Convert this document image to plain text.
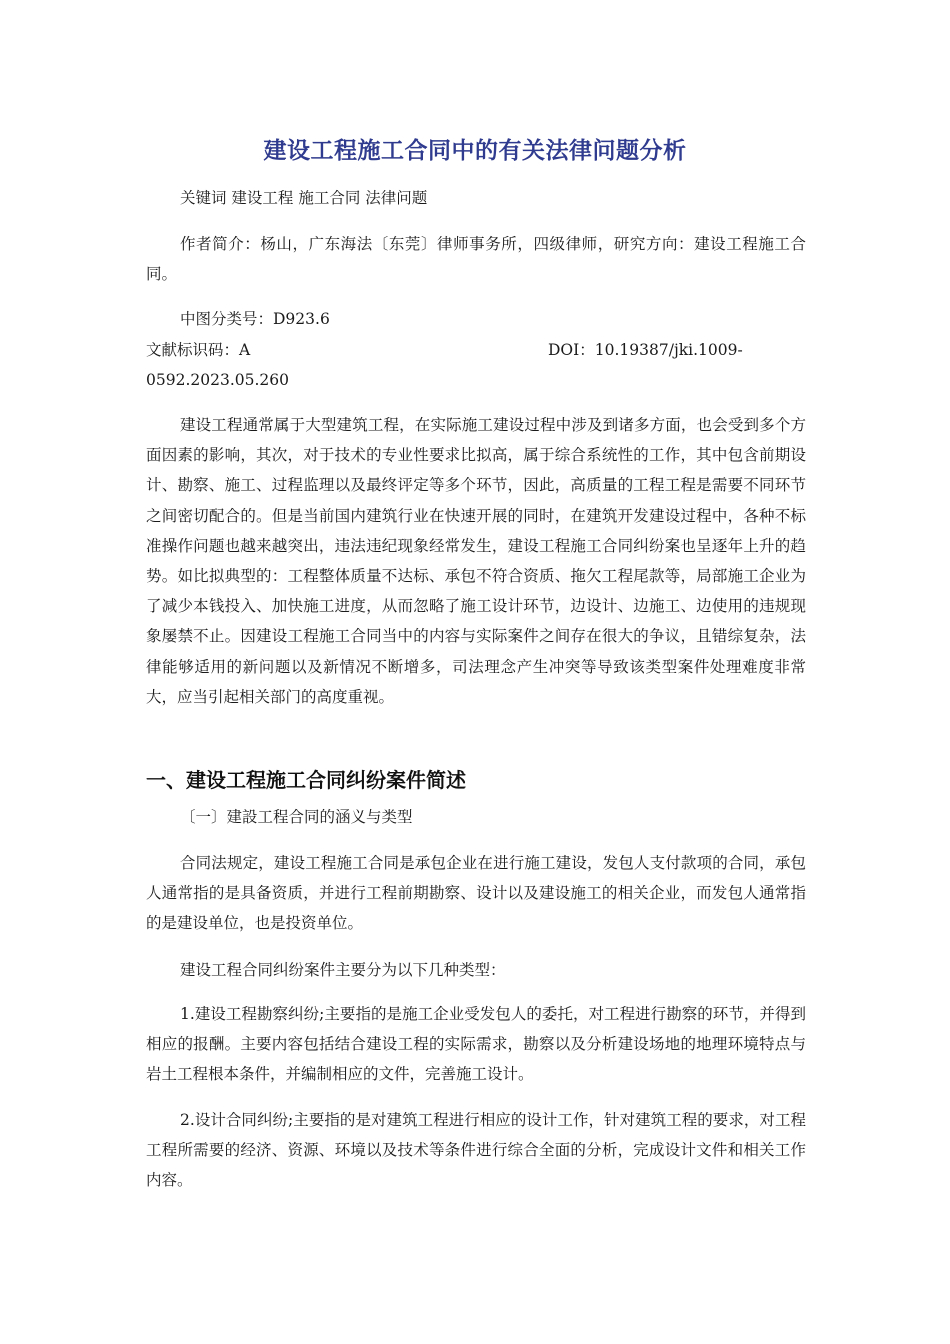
建设工程施工合同中的有关法律问题分析
关键词 建设工程 施工合同 法律问题

作者简介：杨山，广东海法〔东莞〕律师事务所，四级律师，研究方向：建设工程施工合同。

中图分类号：D923.6
文献标识码：A	DOI：10.19387/jki.1009-
0592.2023.05.260

建设工程通常属于大型建筑工程，在实际施工建设过程中涉及到诸多方面，也会受到多个方面因素的影响，其次，对于技术的专业性要求比拟高，属于综合系统性的工作，其中包含前期设计、勘察、施工、过程监理以及最终评定等多个环节，因此，高质量的工程工程是需要不同环节之间密切配合的。但是当前国内建筑行业在快速开展的同时，在建筑开发建设过程中，各种不标准操作问题也越来越突出，违法违纪现象经常发生，建设工程施工合同纠纷案也呈逐年上升的趋势。如比拟典型的：工程整体质量不达标、承包不符合资质、拖欠工程尾款等，局部施工企业为了减少本钱投入、加快施工进度，从而忽略了施工设计环节，边设计、边施工、边使用的违规现象屡禁不止。因建设工程施工合同当中的内容与实际案件之间存在很大的争议，且错综复杂，法律能够适用的新问题以及新情况不断增多，司法理念产生冲突等导致该类型案件处理难度非常大，应当引起相关部门的高度重视。

一、建设工程施工合同纠纷案件简述
〔一〕建設工程合同的涵义与类型

合同法规定，建设工程施工合同是承包企业在进行施工建设，发包人支付款项的合同，承包人通常指的是具备资质，并进行工程前期勘察、设计以及建设施工的相关企业，而发包人通常指的是建设单位，也是投资单位。

建设工程合同纠纷案件主要分为以下几种类型：

1.建设工程勘察纠纷;主要指的是施工企业受发包人的委托，对工程进行勘察的环节，并得到相应的报酬。主要内容包括结合建设工程的实际需求，勘察以及分析建设场地的地理环境特点与岩土工程根本条件，并编制相应的文件，完善施工设计。

2.设计合同纠纷;主要指的是对建筑工程进行相应的设计工作，针对建筑工程的要求，对工程工程所需要的经济、资源、环境以及技术等条件进行综合全面的分析，完成设计文件和相关工作内容。
